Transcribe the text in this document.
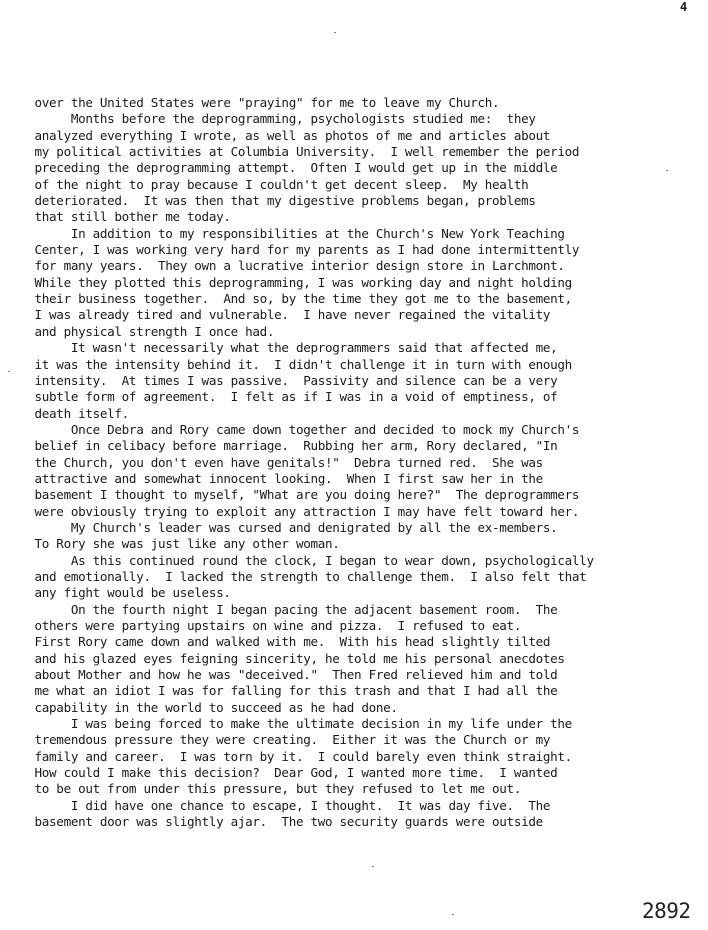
4
over the United States were "praying" for me to leave my Church.
Months before the deprogramming, psychologists studied me:  they
analyzed everything I wrote, as well as photos of me and articles about
my political activities at Columbia University.  I well remember the period
preceding the deprogramming attempt.  Often I would get up in the middle
of the night to pray because I couldn't get decent sleep.  My health
deteriorated.  It was then that my digestive problems began, problems
that still bother me today.
In addition to my responsibilities at the Church's New York Teaching
Center, I was working very hard for my parents as I had done intermittently
for many years.  They own a lucrative interior design store in Larchmont.
While they plotted this deprogramming, I was working day and night holding
their business together.  And so, by the time they got me to the basement,
I was already tired and vulnerable.  I have never regained the vitality
and physical strength I once had.
It wasn't necessarily what the deprogrammers said that affected me,
it was the intensity behind it.  I didn't challenge it in turn with enough
intensity.  At times I was passive.  Passivity and silence can be a very
subtle form of agreement.  I felt as if I was in a void of emptiness, of
death itself.
Once Debra and Rory came down together and decided to mock my Church's
belief in celibacy before marriage.  Rubbing her arm, Rory declared, "In
the Church, you don't even have genitals!"  Debra turned red.  She was
attractive and somewhat innocent looking.  When I first saw her in the
basement I thought to myself, "What are you doing here?"  The deprogrammers
were obviously trying to exploit any attraction I may have felt toward her.
My Church's leader was cursed and denigrated by all the ex-members.
To Rory she was just like any other woman.
As this continued round the clock, I began to wear down, psychologically
and emotionally.  I lacked the strength to challenge them.  I also felt that
any fight would be useless.
On the fourth night I began pacing the adjacent basement room.  The
others were partying upstairs on wine and pizza.  I refused to eat.
First Rory came down and walked with me.  With his head slightly tilted
and his glazed eyes feigning sincerity, he told me his personal anecdotes
about Mother and how he was "deceived."  Then Fred relieved him and told
me what an idiot I was for falling for this trash and that I had all the
capability in the world to succeed as he had done.
I was being forced to make the ultimate decision in my life under the
tremendous pressure they were creating.  Either it was the Church or my
family and career.  I was torn by it.  I could barely even think straight.
How could I make this decision?  Dear God, I wanted more time.  I wanted
to be out from under this pressure, but they refused to let me out.
I did have one chance to escape, I thought.  It was day five.  The
basement door was slightly ajar.  The two security guards were outside
2892
